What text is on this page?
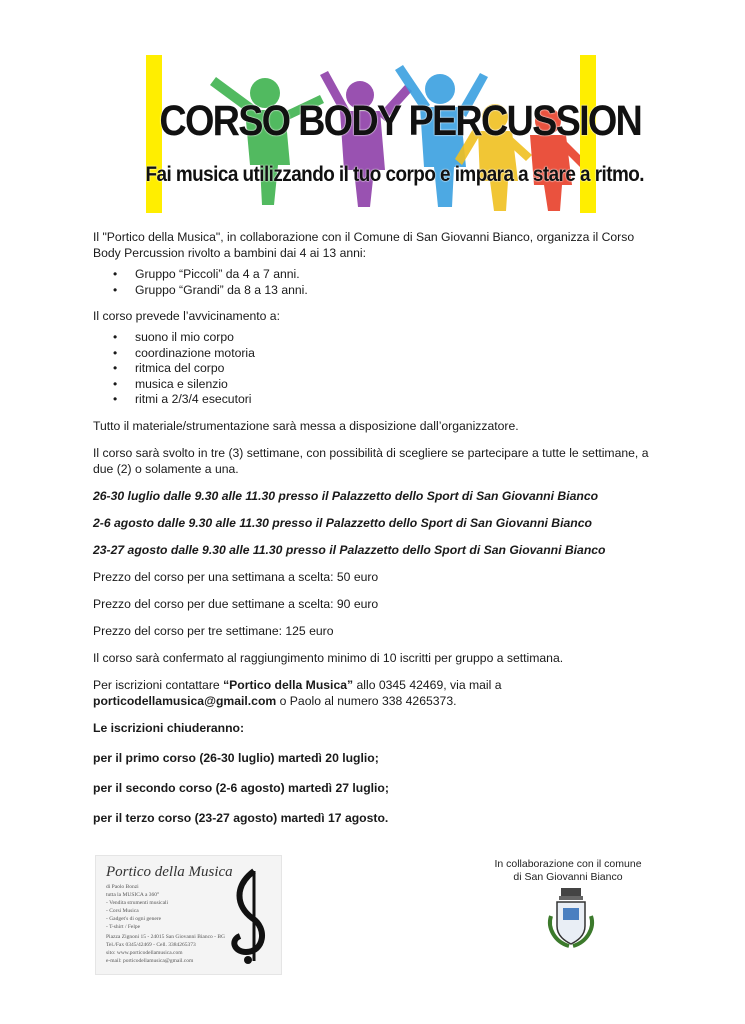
CORSO BODY PERCUSSION
Fai musica utilizzando il tuo corpo e impara a stare a ritmo.

Il "Portico della Musica", in collaborazione con il Comune di San Giovanni Bianco, organizza il Corso Body Percussion rivolto a bambini dai 4 ai 13 anni:

• Gruppo “Piccoli” da 4 a 7 anni.
• Gruppo “Grandi” da 8 a 13 anni.

Il corso prevede l’avvicinamento a:

• suono il mio corpo
• coordinazione motoria
• ritmica del corpo
• musica e silenzio
• ritmi a 2/3/4 esecutori

Tutto il materiale/strumentazione sarà messa a disposizione dall’organizzatore.

Il corso sarà svolto in tre (3) settimane, con possibilità di scegliere se partecipare a tutte le settimane, a due (2) o solamente a una.

26-30 luglio dalle 9.30 alle 11.30 presso il Palazzetto dello Sport di San Giovanni Bianco

2-6 agosto dalle 9.30 alle 11.30 presso il Palazzetto dello Sport di San Giovanni Bianco

23-27 agosto dalle 9.30 alle 11.30 presso il Palazzetto dello Sport di San Giovanni Bianco

Prezzo del corso per una settimana a scelta: 50 euro

Prezzo del corso per due settimane a scelta: 90 euro

Prezzo del corso per tre settimane: 125 euro

Il corso sarà confermato al raggiungimento minimo di 10 iscritti per gruppo a settimana.

Per iscrizioni contattare “Portico della Musica” allo 0345 42469, via mail a
porticodellamusica@gmail.com o Paolo al numero 338 4265373.

Le iscrizioni chiuderanno:

per il primo corso (26-30 luglio) martedì 20 luglio;

per il secondo corso (2-6 agosto) martedì 27 luglio;

per il terzo corso (23-27 agosto) martedì 17 agosto.

Portico della Musica
di Paolo Bonzi
tutta la MUSICA a 360°
- Vendita strumenti musicali
- Corsi Musica
- Gadget's di ogni genere
- T-shirt / Felpe
Piazza Zignoni 15 - 24015 San Giovanni Bianco - BG
Tel./Fax 0345/42469 - Cell. 3384265373
sito: www.porticodellamusica.com
e-mail: porticodellamusica@gmail.com
In collaborazione con il comune
di San Giovanni Bianco
